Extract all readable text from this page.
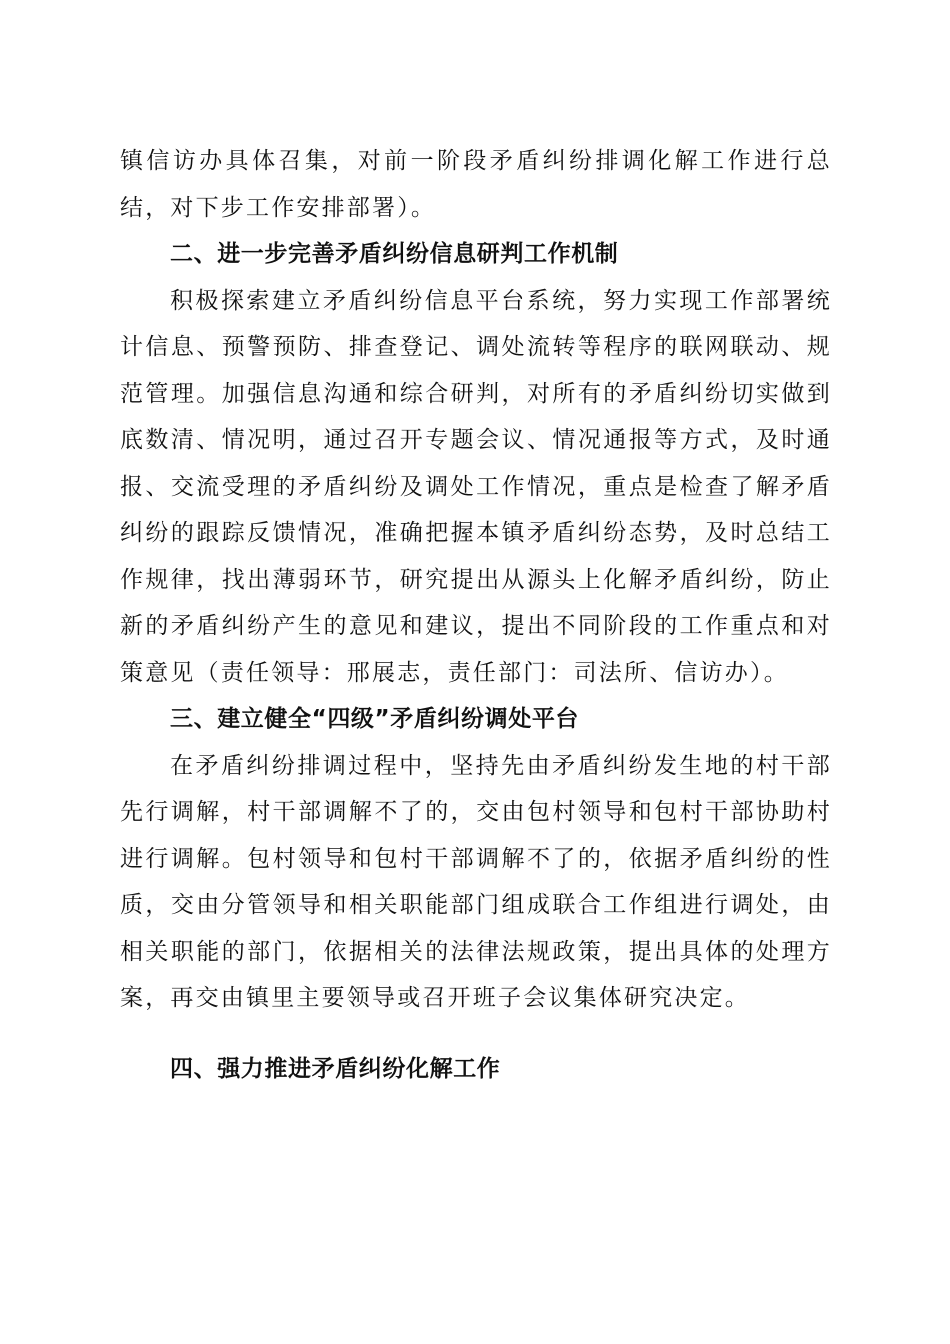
镇信访办具体召集，对前一阶段矛盾纠纷排调化解工作进行总结，对下步工作安排部署）。

二、进一步完善矛盾纠纷信息研判工作机制

积极探索建立矛盾纠纷信息平台系统，努力实现工作部署统计信息、预警预防、排查登记、调处流转等程序的联网联动、规范管理。加强信息沟通和综合研判，对所有的矛盾纠纷切实做到底数清、情况明，通过召开专题会议、情况通报等方式，及时通报、交流受理的矛盾纠纷及调处工作情况，重点是检查了解矛盾纠纷的跟踪反馈情况，准确把握本镇矛盾纠纷态势，及时总结工作规律，找出薄弱环节，研究提出从源头上化解矛盾纠纷，防止新的矛盾纠纷产生的意见和建议，提出不同阶段的工作重点和对策意见（责任领导：邢展志，责任部门：司法所、信访办）。

三、建立健全“四级”矛盾纠纷调处平台

在矛盾纠纷排调过程中，坚持先由矛盾纠纷发生地的村干部先行调解，村干部调解不了的，交由包村领导和包村干部协助村进行调解。包村领导和包村干部调解不了的，依据矛盾纠纷的性质，交由分管领导和相关职能部门组成联合工作组进行调处，由相关职能的部门，依据相关的法律法规政策，提出具体的处理方案，再交由镇里主要领导或召开班子会议集体研究决定。

四、强力推进矛盾纠纷化解工作
